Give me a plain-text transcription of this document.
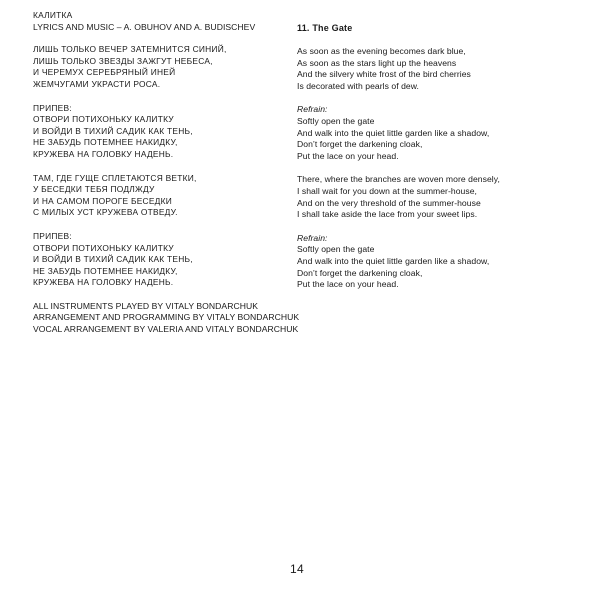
КАЛИТКА
LYRICS AND MUSIC – A. OBUHOV AND A. BUDISCHEV
ЛИШЬ ТОЛЬКО ВЕЧЕР ЗАТЕМНИТСЯ СИНИЙ,
ЛИШЬ ТОЛЬКО ЗВЕЗДЫ ЗАЖГУТ НЕБЕСА,
И ЧЕРЕМУХ СЕРЕБРЯНЫЙ ИНЕЙ
ЖЕМЧУГАМИ УКРАСТИ РОСА.
ПРИПЕВ:
ОТВОРИ ПОТИХОНЬКУ КАЛИТКУ
И ВОЙДИ В ТИХИЙ САДИК КАК ТЕНЬ,
НЕ ЗАБУДЬ ПОТЕМНЕЕ НАКИДКУ,
КРУЖЕВА НА ГОЛОВКУ НАДЕНЬ.
ТАМ, ГДЕ ГУЩЕ СПЛЕТАЮТСЯ ВЕТКИ,
У БЕСЕДКИ ТЕБЯ ПОДЛЖДУ
И НА САМОМ ПОРОГЕ БЕСЕДКИ
С МИЛЫХ УСТ КРУЖЕВА ОТВЕДУ.
ПРИПЕВ:
ОТВОРИ ПОТИХОНЬКУ КАЛИТКУ
И ВОЙДИ В ТИХИЙ САДИК КАК ТЕНЬ,
НЕ ЗАБУДЬ ПОТЕМНЕЕ НАКИДКУ,
КРУЖЕВА НА ГОЛОВКУ НАДЕНЬ.
ALL INSTRUMENTS PLAYED BY VITALY BONDARCHUK
ARRANGEMENT AND PROGRAMMING BY VITALY BONDARCHUK
VOCAL ARRANGEMENT BY VALERIA AND VITALY BONDARCHUK
11. The Gate
As soon as the evening becomes dark blue,
As soon as the stars light up the heavens
And the silvery white frost of the bird cherries
Is decorated with pearls of dew.
Refrain:
Softly open the gate
And walk into the quiet little garden like a shadow,
Don’t forget the darkening cloak,
Put the lace on your head.
There, where the branches are woven more densely,
I shall wait for you down at the summer-house,
And on the very threshold of the summer-house
I shall take aside the lace from your sweet lips.
Refrain:
Softly open the gate
And walk into the quiet little garden like a shadow,
Don’t forget the darkening cloak,
Put the lace on your head.
14
